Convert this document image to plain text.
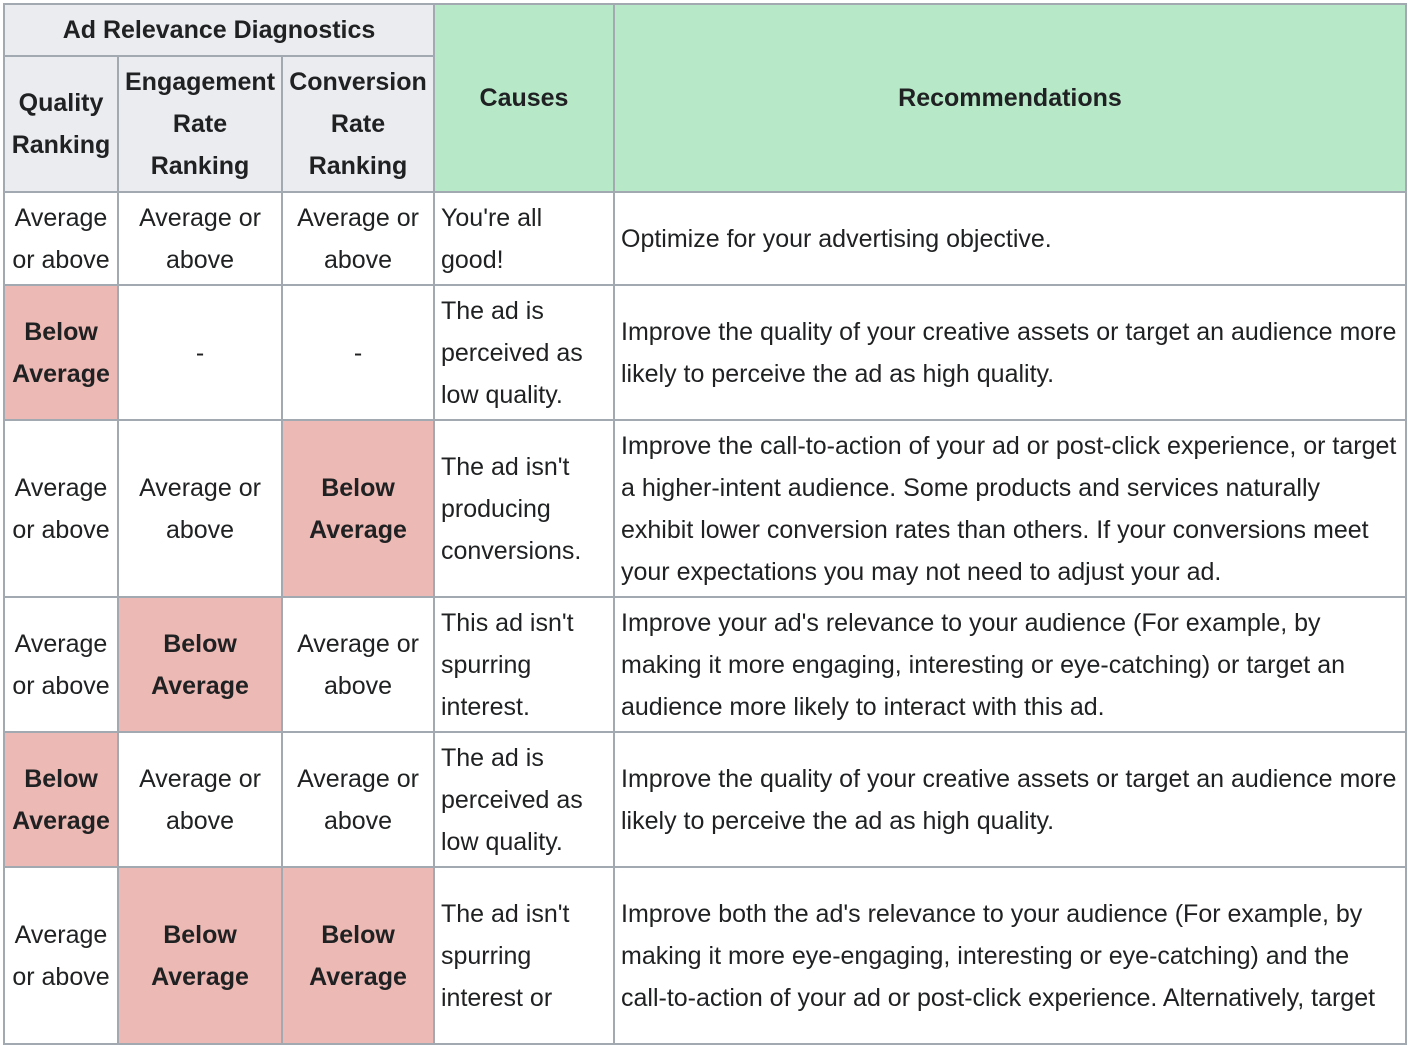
Ad Relevance Diagnostics			Causes	Recommendations
Quality Ranking	Engagement Rate Ranking	Conversion Rate Ranking		
Average or above	Average or above	Average or above	You're all good!	Optimize for your advertising objective.
Below Average	-	-	The ad is perceived as low quality.	Improve the quality of your creative assets or target an audience more likely to perceive the ad as high quality.
Average or above	Average or above	Below Average	The ad isn't producing conversions.	Improve the call-to-action of your ad or post-click experience, or target a higher-intent audience. Some products and services naturally exhibit lower conversion rates than others. If your conversions meet your expectations you may not need to adjust your ad.
Average or above	Below Average	Average or above	This ad isn't spurring interest.	Improve your ad's relevance to your audience (For example, by making it more engaging, interesting or eye-catching) or target an audience more likely to interact with this ad.
Below Average	Average or above	Average or above	The ad is perceived as low quality.	Improve the quality of your creative assets or target an audience more likely to perceive the ad as high quality.
Average or above	Below Average	Below Average	The ad isn't spurring interest or	Improve both the ad's relevance to your audience (For example, by making it more eye-engaging, interesting or eye-catching) and the call-to-action of your ad or post-click experience. Alternatively, target
